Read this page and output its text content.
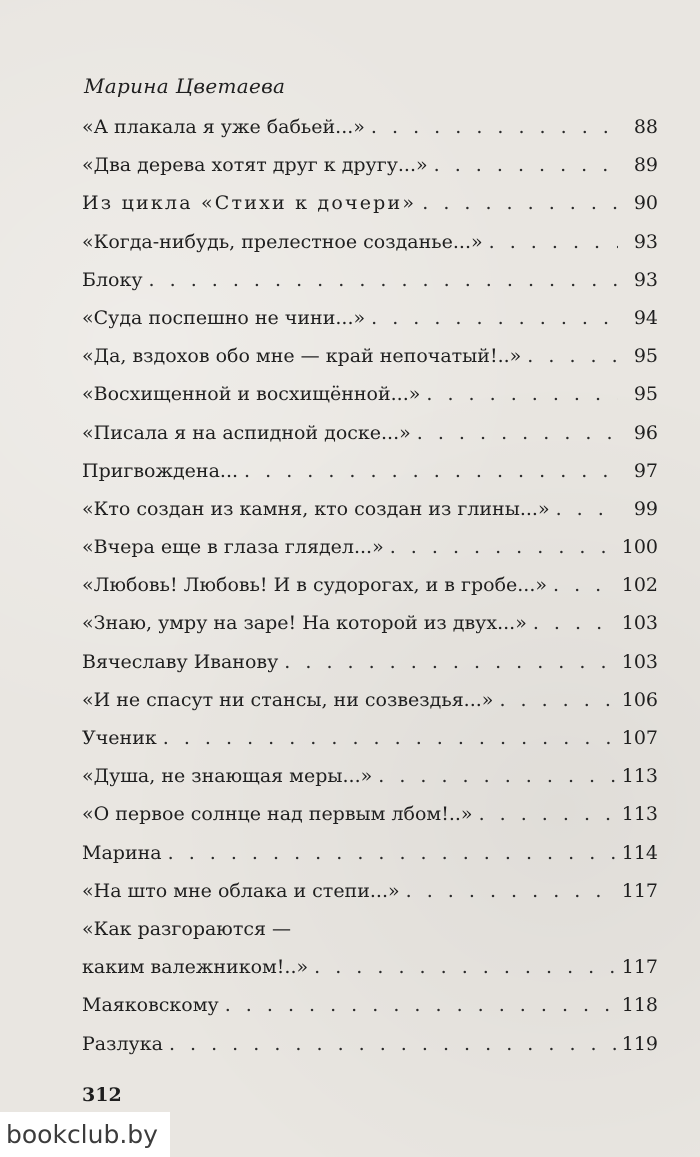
Марина Цветаева
«А плакала я уже бабьей...» . . .	88
«Два дерева хотят друг к другу...» . . .	89
Из цикла «Стихи к дочери» . . .	90
«Когда-нибудь, прелестное созданье...» . . .	93
Блоку . . .	93
«Суда поспешно не чини...» . . .	94
«Да, вздохов обо мне — край непочатый!..» . . .	95
«Восхищенной и восхищённой...» . . .	95
«Писала я на аспидной доске...» . . .	96
Пригвождена... . . .	97
«Кто создан из камня, кто создан из глины...» . . .	99
«Вчера еще в глаза глядел...» . . .	100
«Любовь! Любовь! И в судорогах, и в гробе...» . . .	102
«Знаю, умру на заре! На которой из двух...» . . .	103
Вячеславу Иванову . . .	103
«И не спасут ни стансы, ни созвездья...» . . .	106
Ученик . . .	107
«Душа, не знающая меры...» . . .	113
«О первое солнце над первым лбом!..» . . .	113
Марина . . .	114
«На што мне облака и степи...» . . .	117
«Как разгораются —
каким валежником!..» . . .	117
Маяковскому . . .	118
Разлука . . .	119
312
bookclub.by
